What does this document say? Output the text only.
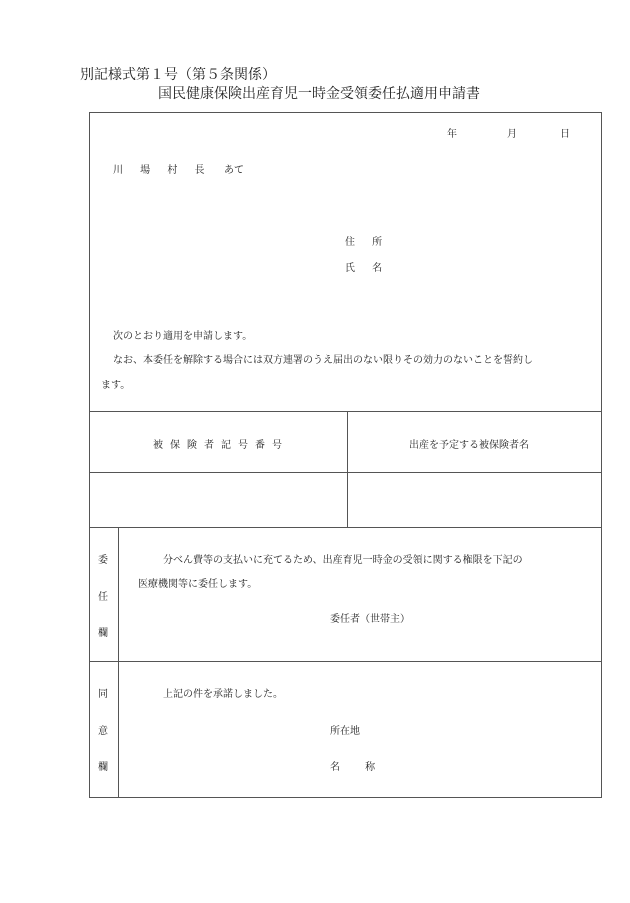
別記様式第１号（第５条関係）
国民健康保険出産育児一時金受領委任払適用申請書
年	月	日
川 場 村 長 あて
住 所
氏 名
次のとおり適用を申請します。
なお、本委任を解除する場合には双方連署のうえ届出のない限りその効力のないことを誓約し
ます。
被保険者記号番号	出産を予定する被保険者名
委
任
欄
分べん費等の支払いに充てるため、出産育児一時金の受領に関する権限を下記の
医療機関等に委任します。
委任者（世帯主）
同
意
欄
上記の件を承諾しました。
所在地
名 称
